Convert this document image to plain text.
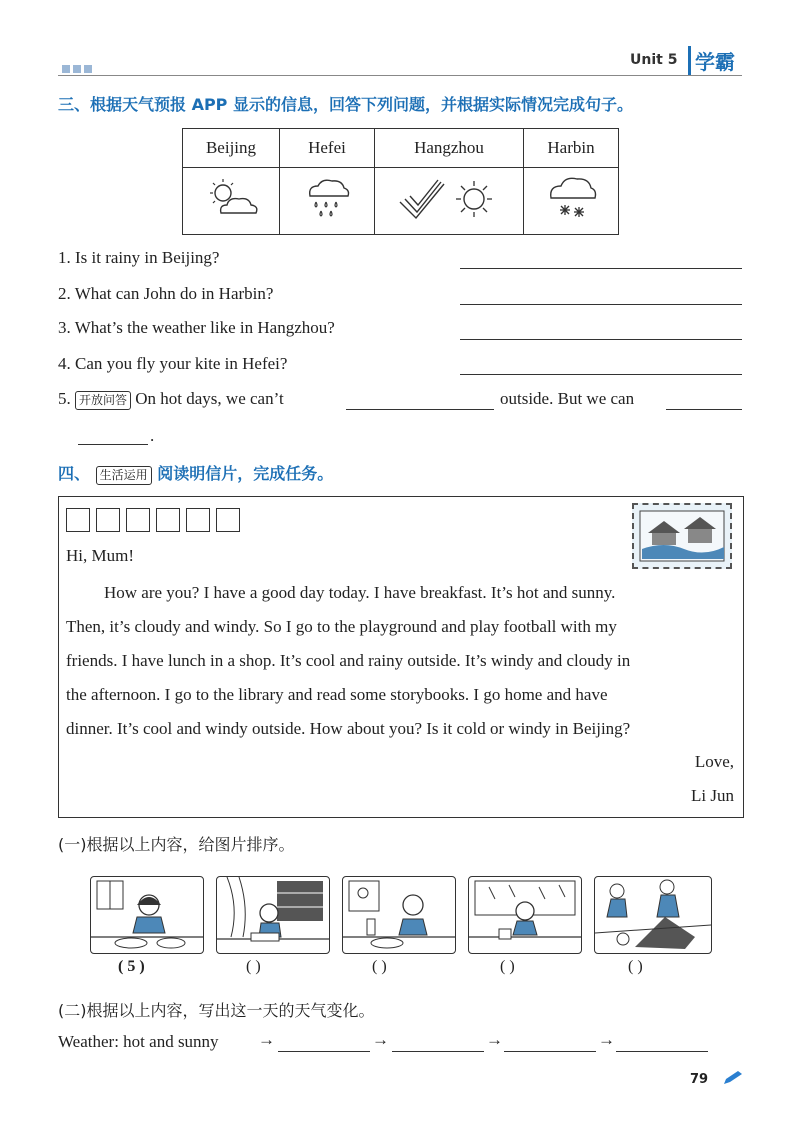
Unit 5 学霸
三、根据天气预报 APP 显示的信息，回答下列问题，并根据实际情况完成句子。
Beijing	Hefei	Hangzhou	Harbin

1. Is it rainy in Beijing?
2. What can John do in Harbin?
3. What’s the weather like in Hangzhou?
4. Can you fly your kite in Hefei?
5. 开放问答 On hot days, we can’t	outside. But we can
.
四、 生活运用 阅读明信片，完成任务。
Hi, Mum!
How are you? I have a good day today. I have breakfast. It’s hot and sunny.
Then, it’s cloudy and windy. So I go to the playground and play football with my
friends. I have lunch in a shop. It’s cool and rainy outside. It’s windy and cloudy in
the afternoon. I go to the library and read some storybooks. I go home and have
dinner. It’s cool and windy outside. How about you? Is it cold or windy in Beijing?
Love,
Li Jun
(一)根据以上内容，给图片排序。
( 5 )	( )	( )	( )	( )
(二)根据以上内容，写出这一天的天气变化。
Weather: hot and sunny →	→	→	→
79
